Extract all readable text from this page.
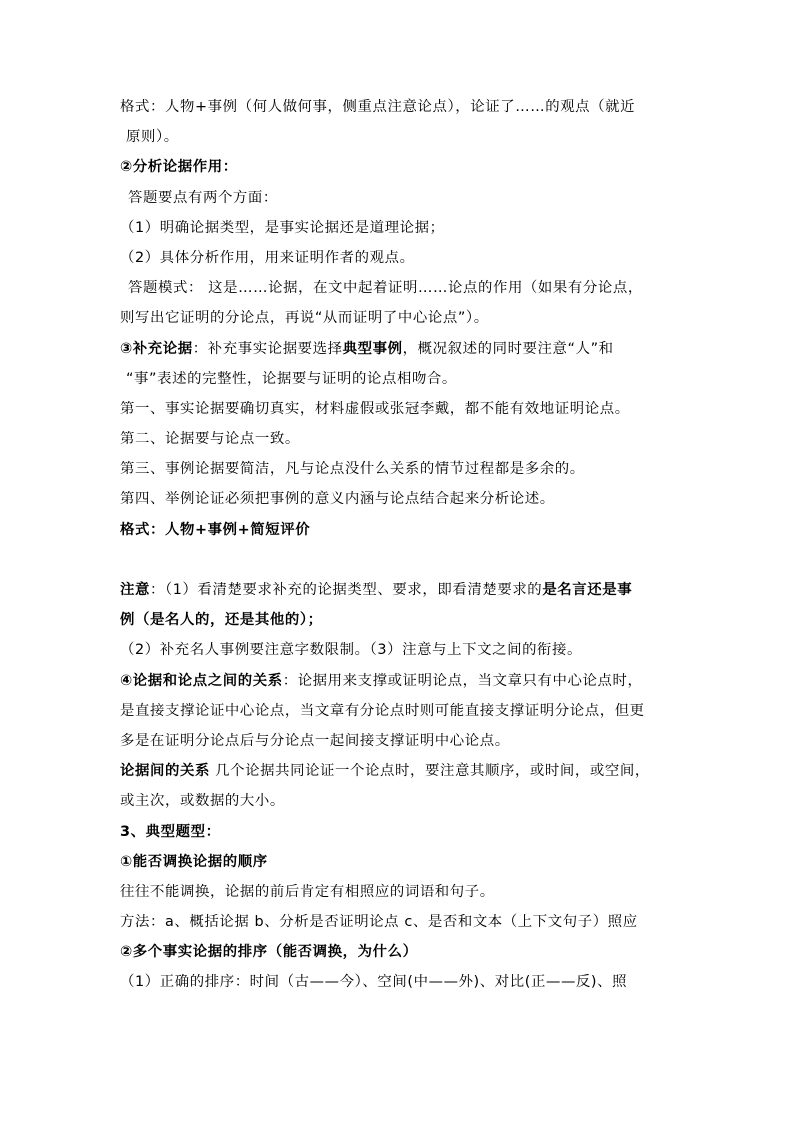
格式：人物+事例（何人做何事，侧重点注意论点），论证了……的观点（就近
原则）。
②分析论据作用：
答题要点有两个方面：
（1）明确论据类型，是事实论据还是道理论据；
（2）具体分析作用，用来证明作者的观点。
答题模式： 这是……论据，在文中起着证明……论点的作用（如果有分论点，
则写出它证明的分论点，再说“从而证明了中心论点”）。
③补充论据：补充事实论据要选择典型事例，概况叙述的同时要注意“人”和
“事”表述的完整性，论据要与证明的论点相吻合。
第一、事实论据要确切真实，材料虚假或张冠李戴，都不能有效地证明论点。
第二、论据要与论点一致。
第三、事例论据要简洁，凡与论点没什么关系的情节过程都是多余的。
第四、举例论证必须把事例的意义内涵与论点结合起来分析论述。
格式：人物+事例+简短评价
注意：（1）看清楚要求补充的论据类型、要求，即看清楚要求的是名言还是事
例（是名人的，还是其他的）；
（2）补充名人事例要注意字数限制。（3）注意与上下文之间的衔接。
④论据和论点之间的关系：论据用来支撑或证明论点，当文章只有中心论点时，
是直接支撑论证中心论点，当文章有分论点时则可能直接支撑证明分论点，但更
多是在证明分论点后与分论点一起间接支撑证明中心论点。
论据间的关系 几个论据共同论证一个论点时，要注意其顺序，或时间，或空间，
或主次，或数据的大小。
3、典型题型：
①能否调换论据的顺序
往往不能调换，论据的前后肯定有相照应的词语和句子。
方法：a、概括论据 b、分析是否证明论点 c、是否和文本（上下文句子）照应
②多个事实论据的排序（能否调换，为什么）
（1）正确的排序：时间（古——今）、空间(中——外)、对比(正——反)、照
